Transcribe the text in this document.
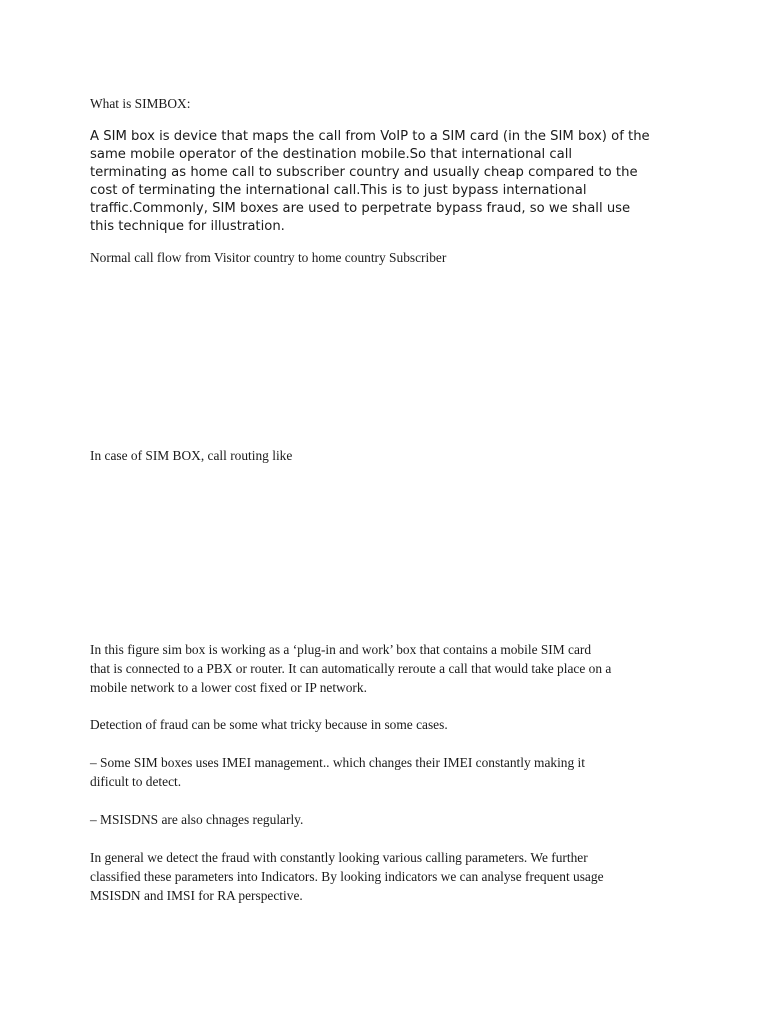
What is SIMBOX:

A SIM box is device that maps the call from VoIP to a SIM card (in the SIM box) of the
same mobile operator of the destination mobile.So that international call
terminating as home call to subscriber country and usually cheap compared to the
cost of terminating the international call.This is to just bypass international
traffic.Commonly, SIM boxes are used to perpetrate bypass fraud, so we shall use
this technique for illustration.

Normal call flow from Visitor country to home country Subscriber

In case of SIM BOX, call routing like

In this figure sim box is working as a ‘plug-in and work’ box that contains a mobile SIM card
that is connected to a PBX or router. It can automatically reroute a call that would take place on a
mobile network to a lower cost fixed or IP network.

Detection of fraud can be some what tricky because in some cases.

– Some SIM boxes uses IMEI management.. which changes their IMEI constantly making it
dificult to detect.

– MSISDNS are also chnages regularly.

In general we detect the fraud with constantly looking various calling parameters. We further
classified these parameters into Indicators. By looking indicators we can analyse frequent usage
MSISDN and IMSI for RA perspective.
